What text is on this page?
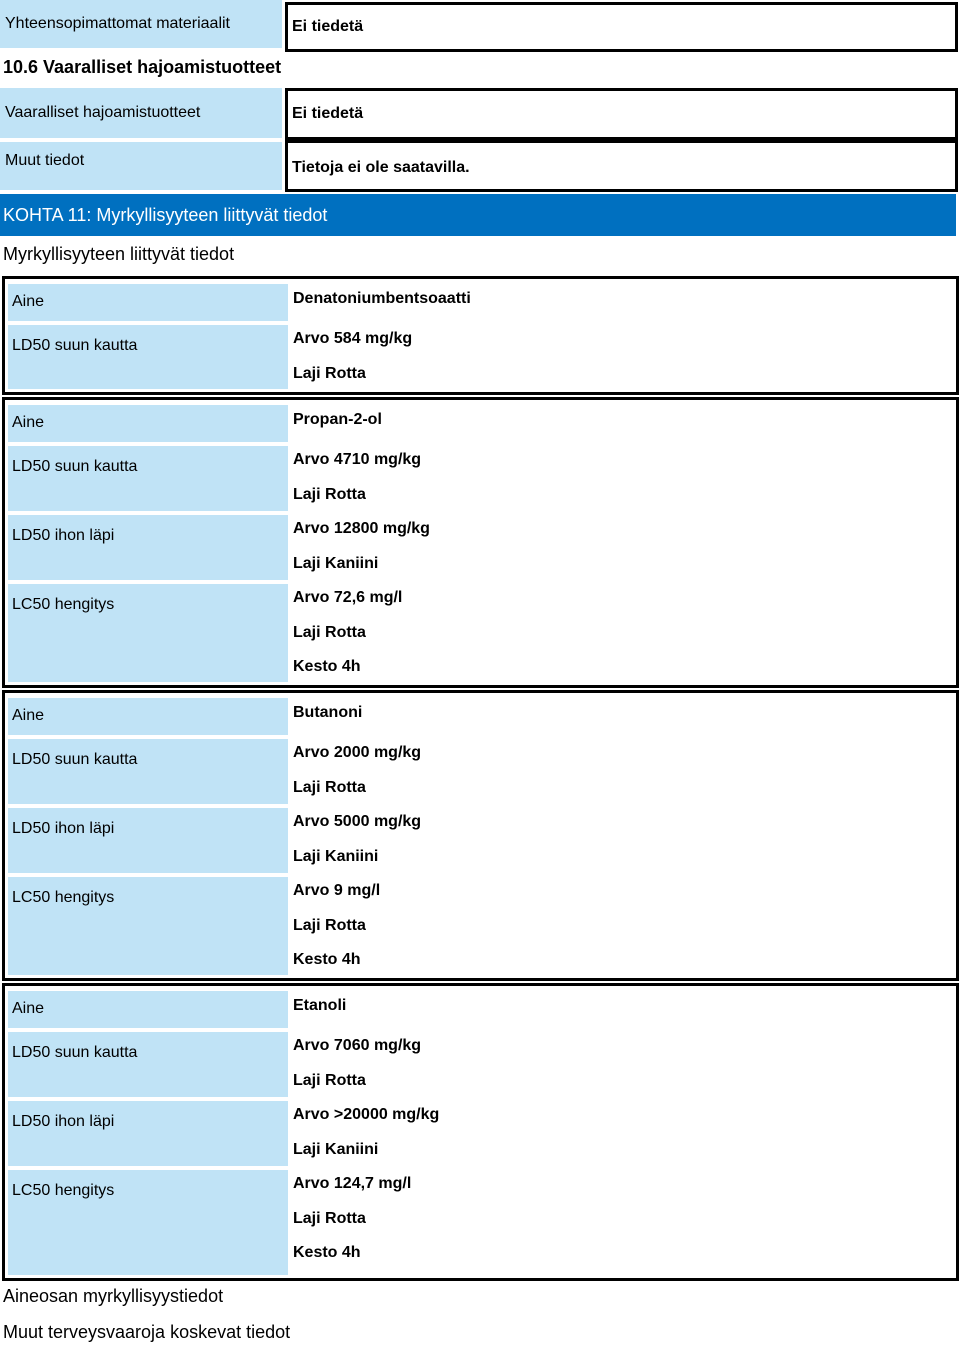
Yhteensopimattomat materiaalit	Ei tiedetä
10.6 Vaaralliset hajoamistuotteet
Vaaralliset hajoamistuotteet	Ei tiedetä
Muut tiedot	Tietoja ei ole saatavilla.
KOHTA 11: Myrkyllisyyteen liittyvät tiedot
Myrkyllisyyteen liittyvät tiedot
Aine	Denatoniumbentsoaatti
LD50 suun kautta	Arvo 584 mg/kg
Laji Rotta
Aine	Propan-2-ol
LD50 suun kautta	Arvo 4710 mg/kg
Laji Rotta
LD50 ihon läpi	Arvo 12800 mg/kg
Laji Kaniini
LC50 hengitys	Arvo 72,6 mg/l
Laji Rotta
Kesto 4h
Aine	Butanoni
LD50 suun kautta	Arvo 2000 mg/kg
Laji Rotta
LD50 ihon läpi	Arvo 5000 mg/kg
Laji Kaniini
LC50 hengitys	Arvo 9 mg/l
Laji Rotta
Kesto 4h
Aine	Etanoli
LD50 suun kautta	Arvo 7060 mg/kg
Laji Rotta
LD50 ihon läpi	Arvo >20000 mg/kg
Laji Kaniini
LC50 hengitys	Arvo 124,7 mg/l
Laji Rotta
Kesto 4h
Aineosan myrkyllisyystiedot
Muut terveysvaaroja koskevat tiedot
